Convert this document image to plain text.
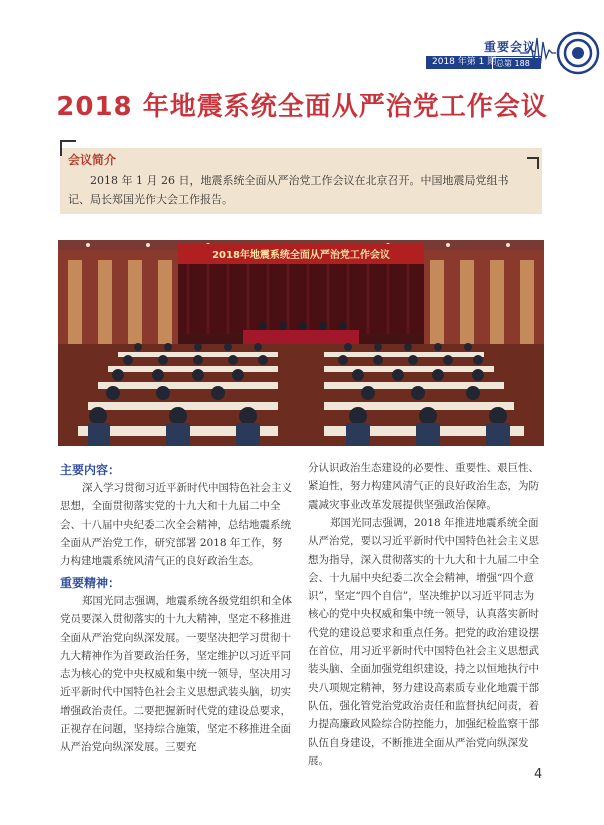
重要会议
2018 年第 1 期 总第 188 期
2018 年地震系统全面从严治党工作会议
会议简介
2018 年 1 月 26 日，地震系统全面从严治党工作会议在北京召开。中国地震局党组书记、局长郑国光作大会工作报告。
2018年地震系统全面从严治党工作会议
主要内容：
深入学习贯彻习近平新时代中国特色社会主义思想，全面贯彻落实党的十九大和十九届二中全会、十八届中央纪委二次全会精神，总结地震系统全面从严治党工作，研究部署 2018 年工作，努力构建地震系统风清气正的良好政治生态。
重要精神：
郑国光同志强调，地震系统各级党组织和全体党员要深入贯彻落实的十九大精神，坚定不移推进全面从严治党向纵深发展。一要坚决把学习贯彻十九大精神作为首要政治任务，坚定维护以习近平同志为核心的党中央权威和集中统一领导，坚决用习近平新时代中国特色社会主义思想武装头脑，切实增强政治责任。二要把握新时代党的建设总要求，正视存在问题，坚持综合施策，坚定不移推进全面从严治党向纵深发展。三要充
分认识政治生态建设的必要性、重要性、艰巨性、紧迫性，努力构建风清气正的良好政治生态，为防震减灾事业改革发展提供坚强政治保障。
郑国光同志强调，2018 年推进地震系统全面从严治党，要以习近平新时代中国特色社会主义思想为指导，深入贯彻落实的十九大和十九届二中全会、十九届中央纪委二次全会精神，增强“四个意识”，坚定“四个自信”，坚决维护以习近平同志为核心的党中央权威和集中统一领导，认真落实新时代党的建设总要求和重点任务。把党的政治建设摆在首位，用习近平新时代中国特色社会主义思想武装头脑、全面加强党组织建设，持之以恒地执行中央八项规定精神，努力建设高素质专业化地震干部队伍，强化管党治党政治责任和监督执纪问责，着力提高廉政风险综合防控能力，加强纪检监察干部队伍自身建设，不断推进全面从严治党向纵深发展。
4
